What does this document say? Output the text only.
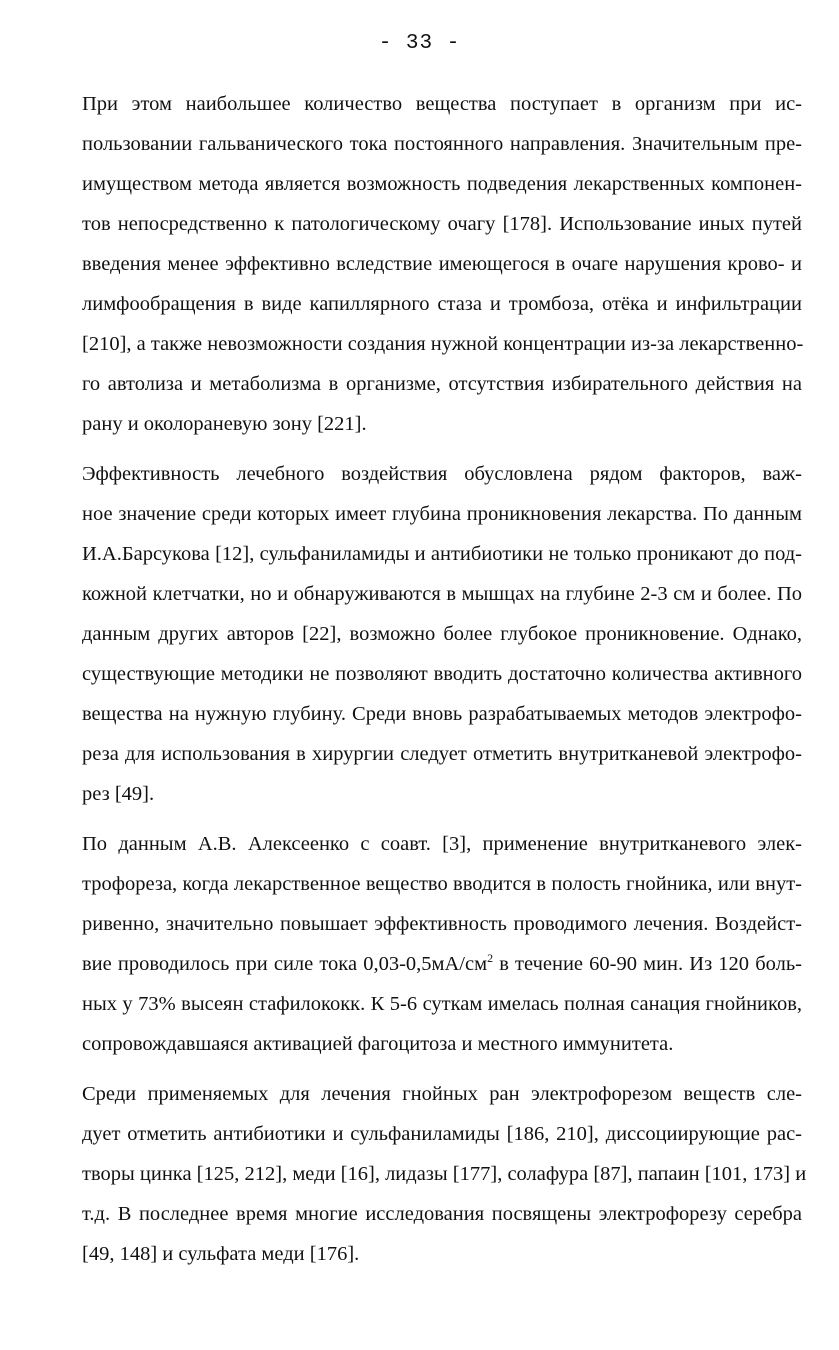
- 33 -

При этом наибольшее количество вещества поступает в организм при ис-
пользовании гальванического тока постоянного направления. Значительным пре-
имуществом метода является возможность подведения лекарственных компонен-
тов непосредственно к патологическому очагу [178]. Использование иных путей
введения менее эффективно вследствие имеющегося в очаге нарушения крово- и
лимфообращения в виде капиллярного стаза и тромбоза, отёка и инфильтрации
[210], а также невозможности создания нужной концентрации из-за лекарственно-
го автолиза и метаболизма в организме, отсутствия избирательного действия на
рану и околораневую зону [221].

Эффективность лечебного воздействия обусловлена рядом факторов, важ-
ное значение среди которых имеет глубина проникновения лекарства. По данным
И.А.Барсукова [12], сульфаниламиды и антибиотики не только проникают до под-
кожной клетчатки, но и обнаруживаются в мышцах на глубине 2-3 см и более. По
данным других авторов [22], возможно более глубокое проникновение. Однако,
существующие методики не позволяют вводить достаточно количества активного
вещества на нужную глубину. Среди вновь разрабатываемых методов электрофо-
реза для использования в хирургии следует отметить внутритканевой электрофо-
рез [49].

По данным А.В. Алексеенко с соавт. [3], применение внутритканевого элек-
трофореза, когда лекарственное вещество вводится в полость гнойника, или внут-
ривенно, значительно повышает эффективность проводимого лечения. Воздейст-
вие проводилось при силе тока $0,03-0,5мА/см^2$ в течение 60-90 мин. Из 120 боль-
ных у 73% высеян стафилококк. К 5-6 суткам имелась полная санация гнойников,
сопровождавшаяся активацией фагоцитоза и местного иммунитета.

Среди применяемых для лечения гнойных ран электрофорезом веществ сле-
дует отметить антибиотики и сульфаниламиды [186, 210], диссоциирующие рас-
творы цинка [125, 212], меди [16], лидазы [177], солафура [87], папаин [101, 173] и
т.д. В последнее время многие исследования посвящены электрофорезу серебра
[49, 148] и сульфата меди [176].
